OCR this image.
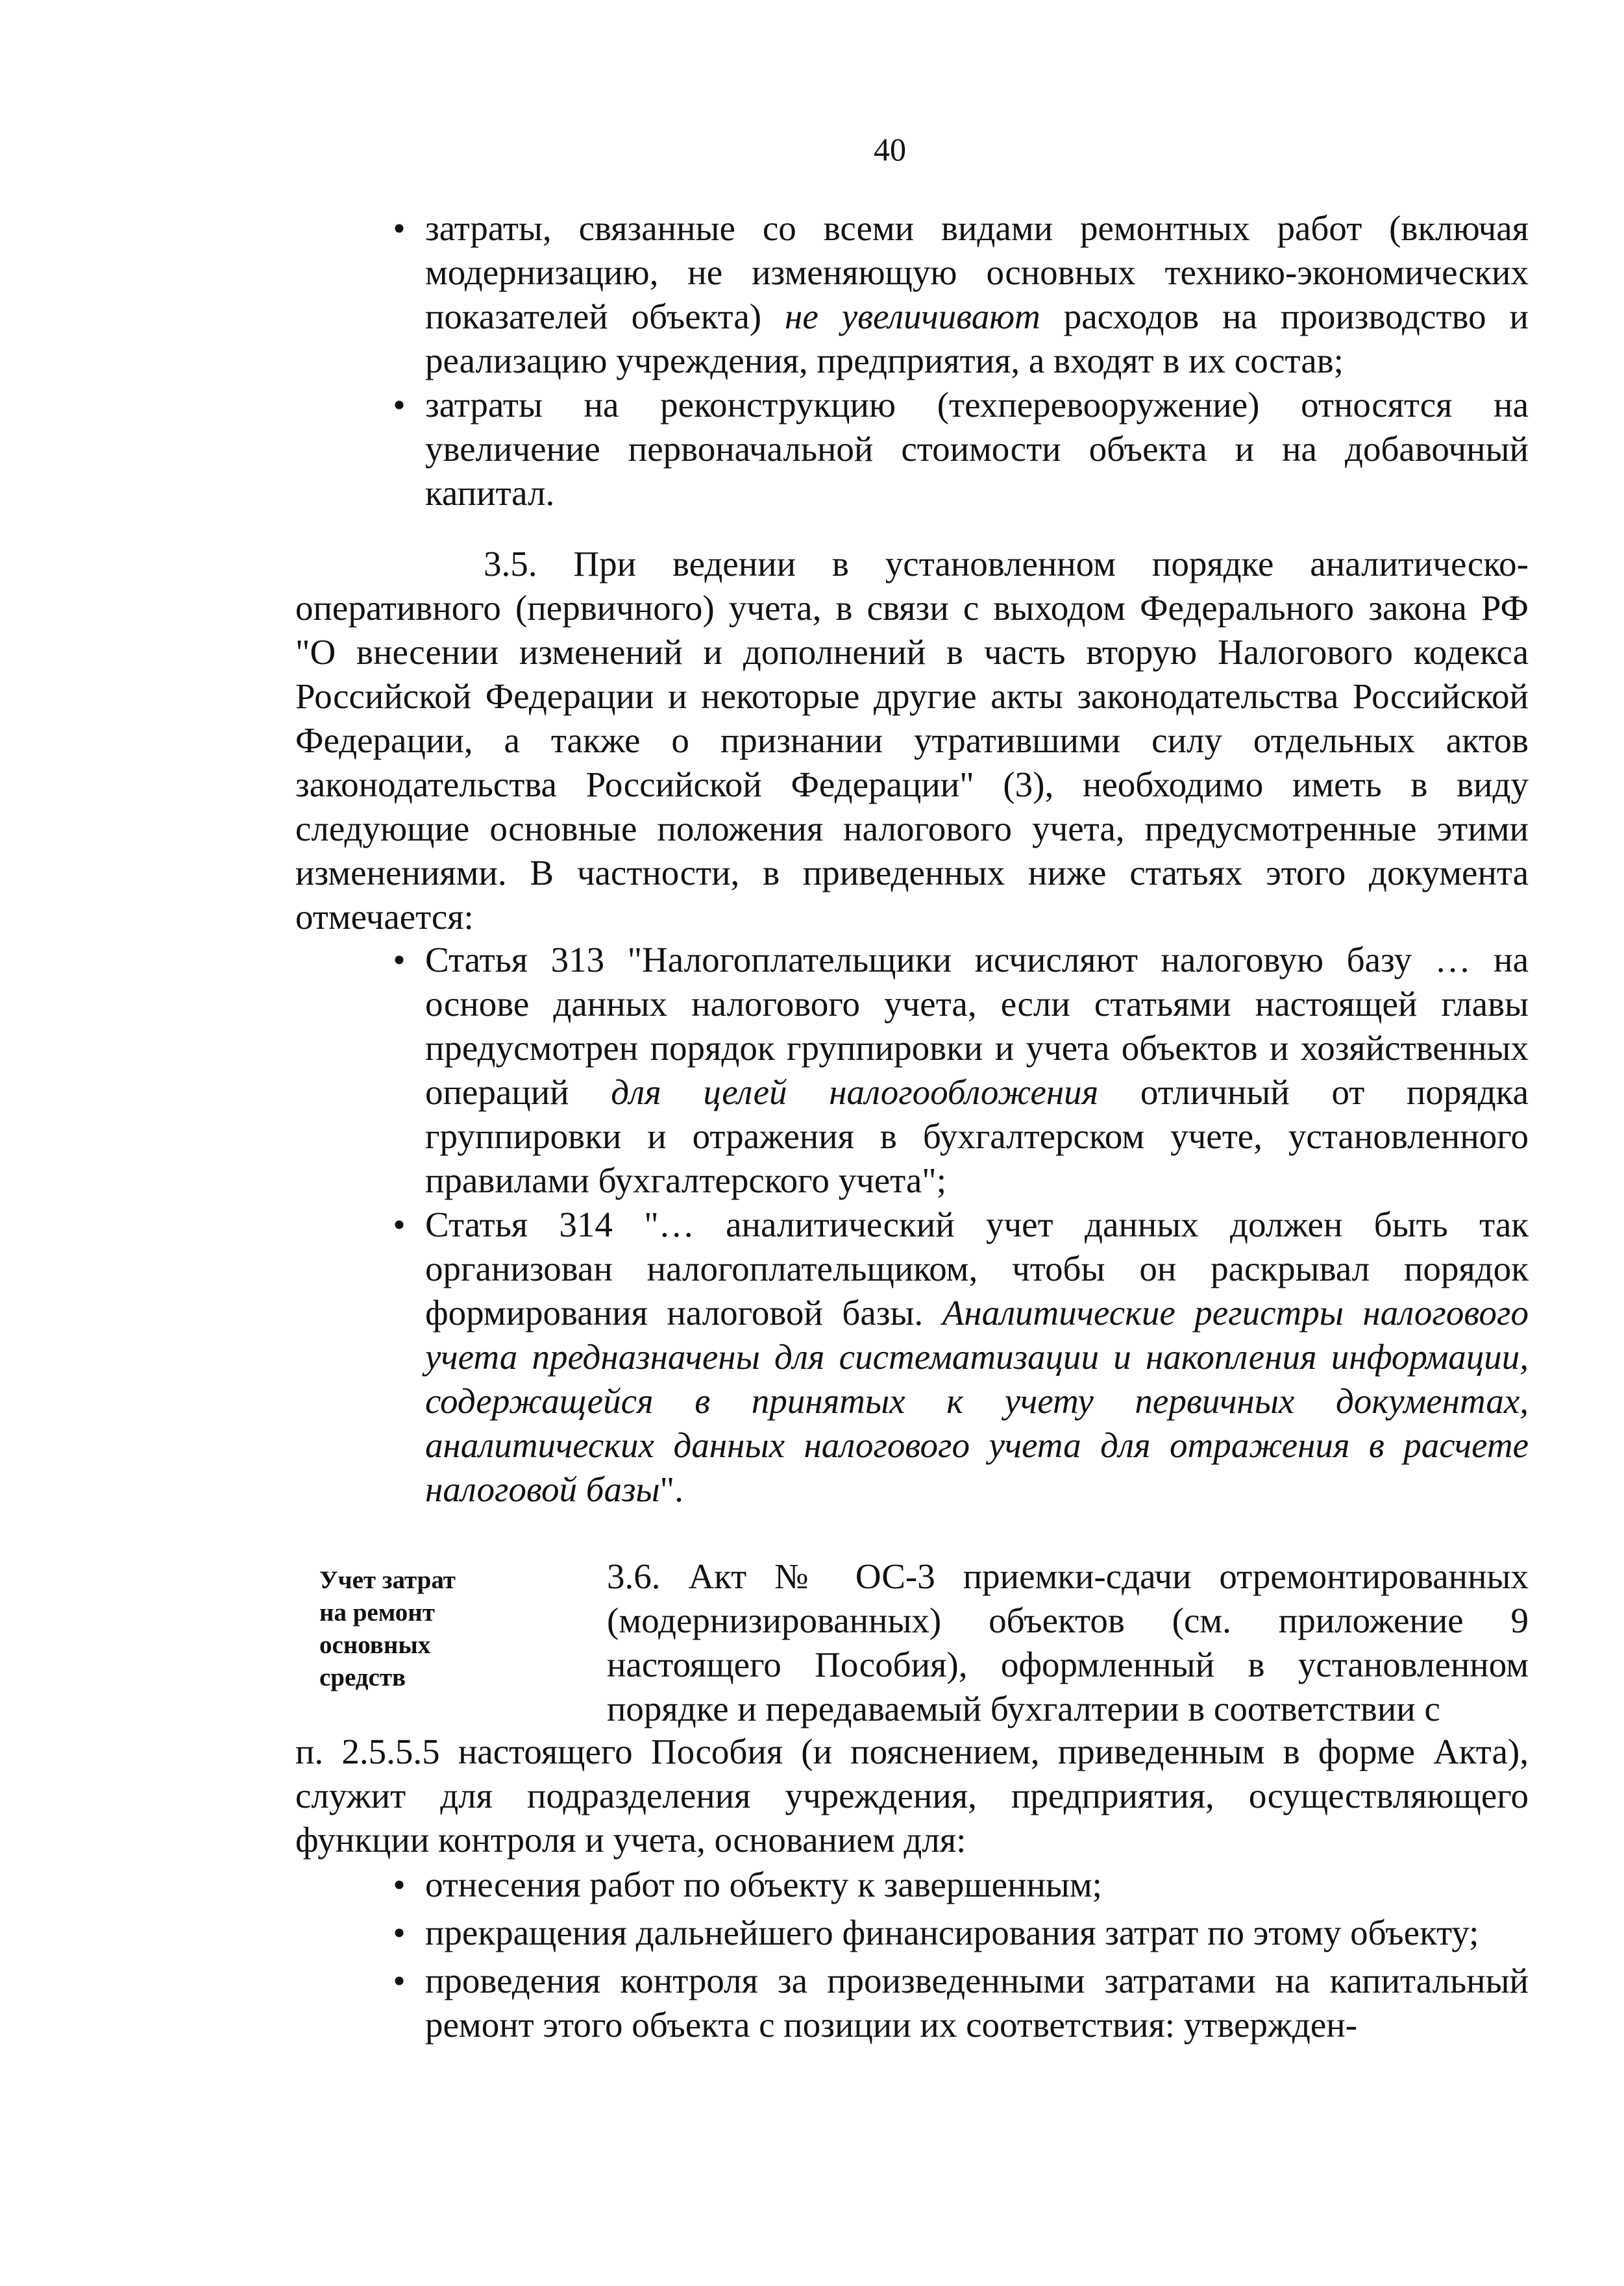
40
• затраты, связанные со всеми видами ремонтных работ (включая модернизацию, не изменяющую основных технико-экономических показателей объекта) не увеличивают расходов на производство и реализацию учреждения, предприятия, а входят в их состав;
• затраты на реконструкцию (техперевооружение) относятся на увеличение первоначальной стоимости объекта и на добавочный капитал.

3.5. При ведении в установленном порядке аналитическо-оперативного (первичного) учета, в связи с выходом Федерального закона РФ "О внесении изменений и дополнений в часть вторую Налогового кодекса Российской Федерации и некоторые другие акты законодательства Российской Федерации, а также о признании утратившими силу отдельных актов законодательства Российской Федерации" (3), необходимо иметь в виду следующие основные положения налогового учета, предусмотренные этими изменениями. В частности, в приведенных ниже статьях этого документа отмечается:

• Статья 313 "Налогоплательщики исчисляют налоговую базу … на основе данных налогового учета, если статьями настоящей главы предусмотрен порядок группировки и учета объектов и хозяйственных операций для целей налогообложения отличный от порядка группировки и отражения в бухгалтерском учете, установленного правилами бухгалтерского учета";
• Статья 314 "… аналитический учет данных должен быть так организован налогоплательщиком, чтобы он раскрывал порядок формирования налоговой базы. Аналитические регистры налогового учета предназначены для систематизации и накопления информации, содержащейся в принятых к учету первичных документах, аналитических данных налогового учета для отражения в расчете налоговой базы".
Учет затрат
на ремонт
основных
средств

3.6. Акт № ОС-3 приемки-сдачи отремонтированных (модернизированных) объектов (см. приложение 9 настоящего Пособия), оформленный в установленном порядке и передаваемый бухгалтерии в соответствии с

п. 2.5.5.5 настоящего Пособия (и пояснением, приведенным в форме Акта), служит для подразделения учреждения, предприятия, осуществляющего функции контроля и учета, основанием для:

• отнесения работ по объекту к завершенным;
• прекращения дальнейшего финансирования затрат по этому объекту;
• проведения контроля за произведенными затратами на капитальный ремонт этого объекта с позиции их соответствия: утвержден-
